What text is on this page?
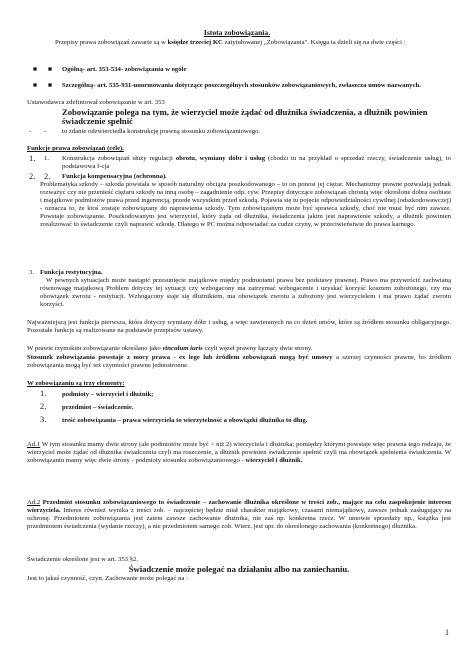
Istota zobowiązania.

Przepisy prawa zobowiązań zawarte są w księdze trzeciej KC zatytułowanej „Zobowiązania". Księga ta dzieli się na dwie części :

■ ■ Ogólną- art. 353-534- zobowiązania w ogóle

■ ■ Szczególną- art. 535-931-unormowania dotyczące poszczególnych stosunków zobowiązaniowych, zwłaszcza umów nazwanych.

Ustawodawca zdefiniował zobowiązanie w art. 353

Zobowiązanie polega na tym, że wierzyciel może żądać od dłużnika świadczenia, a dłużnik powinien świadczenie spełnić

- - to zdanie odzwierciedla konstrukcję prawną stosunku zobowiązaniowego.

Funkcje prawa zobowiązań (cele).

1. 1. Konstrukcja zobowiązań służy regulacji obrotu, wymiany dóbr i usług (chodzi tu na przykład o sprzedaż rzeczy, świadczenie usług), to podstawowa f-cja

2. 2. Funkcja kompensacyjna (ochronna).

Problematyka szkody – szkoda powstała w sposób naturalny obciąża poszkodowanego – to on ponosi jej ciężar. Mechanizmy prawne pozwalają jednak rozważyć czy nie przenieść ciężaru szkody na inną osobę – zagadnienie odp. cyw. Przepisy dotyczące zobowiązań chronią więc określone dobra osobiste i majątkowe podmiotów prawa przed ingerencją, przede wszystkim przed szkodą. Pojawia się tu pojęcie odpowiedzialności cywilnej (odszkodowawczej) - oznacza to, że ktoś zostaje zobowiązany do naprawienia szkody. Tym zobowiązanym może być sprawca szkody, choć nie musi być nim zawsze. Powstaje zobowiązanie. Poszkodowanym jest wierzyciel, który żąda od dłużnika, świadczenia jakim jest naprawienie szkody, a dłużnik powinien zrealizować to świadczenie czyli naprawić szkodę. Dlatego w PC można odpowiadać za cudze czyny, w przeciwieństwie do prawa karnego.

3. Funkcja restytucyjna.

W pewnych sytuacjach może nastąpić przesunięcie majątkowe między podmiotami prawa bez podstawy prawnej. Prawo ma przywrócić zachwianą równowagę majątkową Problem dotyczy tej sytuacji czy wzbogacony ma zatrzymać wzbogacenie i uzyskać korzyść kosztem zubożonego, czy ma obowiązek zwrotu - restytucji. Wzbogacony staje się dłużnikiem, ma obowiązek zwrotu a zubożony jest wierzycielem i ma prawo żądać zwrotu korzyści.

Najważniejszą jest funkcja pierwsza, która dotyczy wymiany dóbr i usług, a więc zawieranych na co dzień umów, które są źródłem stosunku obligacyjnego. Pozostałe funkcje są realizowane na podstawie przepisów ustawy.

W prawie rzymskim zobowiązanie określano jako vinculum iuris czyli węzeł prawny łączący dwie strony.

Stosunek zobowiązania powstaje z mocy prawa - ex lege lub źródłem zobowiązań mogą być umowy a szerzej czynności prawne, bo źródłem zobowiązania mogą być też czynności prawne jednostronne.

W zobowiązaniu są trzy elementy:

1. podmioty – wierzyciel i dłużnik;

2. przedmiot – świadczenie.

3. treść zobowiązania – prawa wierzyciela to wierzytelność a obowiązki dłużnika to dług.

Ad.1 W tym stosunku mamy dwie strony (ale podmiotów może być > niż 2) wierzyciela i dłużnika; pomiędzy którymi powstaje więc prawna tego rodzaju, że wierzyciel może żądać od dłużnika świadczenia czyli ma roszczenie, a dłużnik powinien świadczenie spełnić czyli ma obowiązek spełnienia świadczenia. W zobowiązaniu mamy więc dwie strony - podmioty stosunku zobowiązaniowego - wierzyciel i dłużnik.

Ad.2 Przedmiot stosunku zobowiązaniowego to świadczenie – zachowanie dłużnika określone w treści zob., mające na celu zaspokojenie interesu wierzyciela. Interes również wynika z treści zob. – najczęściej będzie miał charakter majątkowy, czasami niemajątkowy, zawsze jednak zasługujący na ochronę. Przedmiotem zobowiązania jest zatem zawsze zachowanie dłużnika, nie zaś np. konkretna rzecz. W umowie sprzedaży np., książka jest przedmiotem świadczenia (wydanie rzeczy), a nie przedmiotem samego zob. Wierz. jest upr. do określonego zachowania (konkretnego) dłużnika.

Świadczenie określone jest w art. 353 §2.

Świadczenie może polegać na działaniu albo na zaniechaniu.

Jest to jakaś czynność, czyn. Zachowanie może polegać na :

1
